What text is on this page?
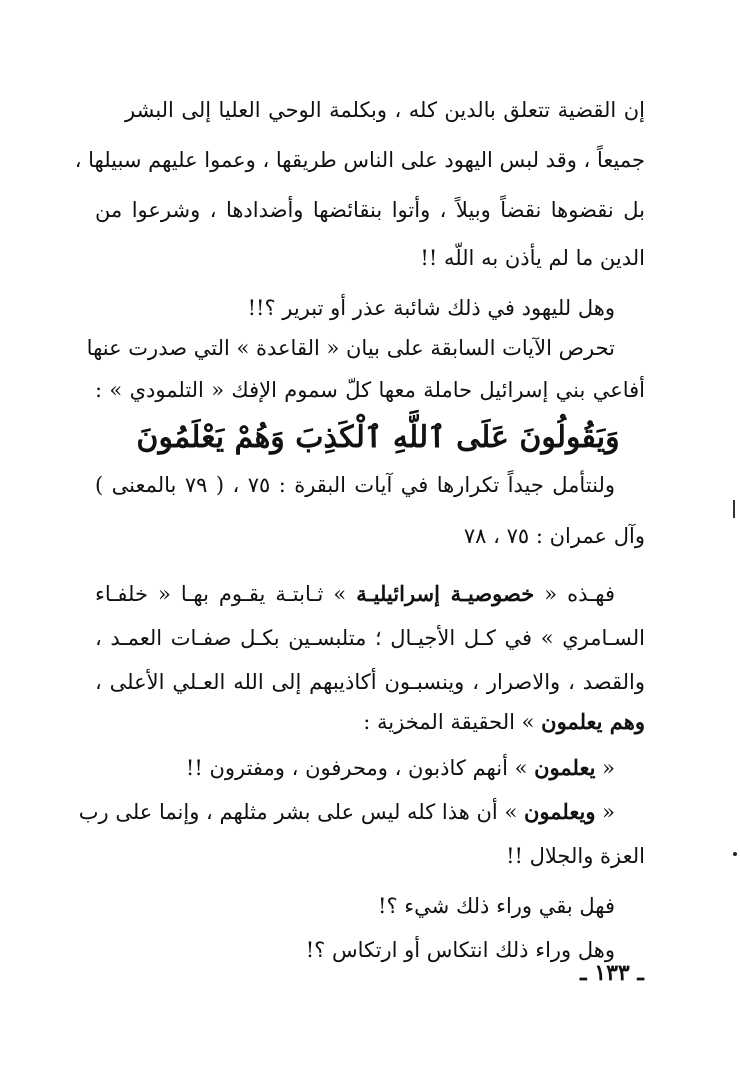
إن القضية تتعلق بالدين كله ، وبكلمة الوحي العليا إلى البشر
جميعاً ، وقد لبس اليهود على الناس طريقها ، وعموا عليهم سبيلها ،
بل نقضوها نقضاً وبيلاً ، وأتوا بنقائضها وأضدادها ، وشرعوا من
الدين ما لم يأذن به اللّه !!
وهل لليهود في ذلك شائبة عذر أو تبرير ؟!!
تحرص الآيات السابقة على بيان « القاعدة » التي صدرت عنها
أفاعي بني إسرائيل حاملة معها كلّ سموم الإفك « التلمودي » :
وَيَقُولُونَ عَلَى ٱللَّهِ ٱلْكَذِبَ وَهُمْ يَعْلَمُونَ
ولنتأمل جيداً تكرارها في آيات البقرة : ٧٥ ، ( ٧٩ بالمعنى )
وآل عمران : ٧٥ ، ٧٨
فهـذه « خصوصيـة إسرائيليـة » ثـابتـة يقـوم بهـا « خلفـاء
السـامري » في كـل الأجيـال ؛ متلبسـين بكـل صفـات العمـد ،
والقصد ، والاصرار ، وينسبـون أكاذيبهم إلى الله العـلي الأعلى ،
وهم يعلمون » الحقيقة المخزية :
« يعلمون » أنهم كاذبون ، ومحرفون ، ومفترون !!
« ويعلمون » أن هذا كله ليس على بشر مثلهم ، وإنما على رب
العزة والجلال !!
فهل بقي وراء ذلك شيء ؟!
وهل وراء ذلك انتكاس أو ارتكاس ؟!
ـ ١٣٣ ـ
